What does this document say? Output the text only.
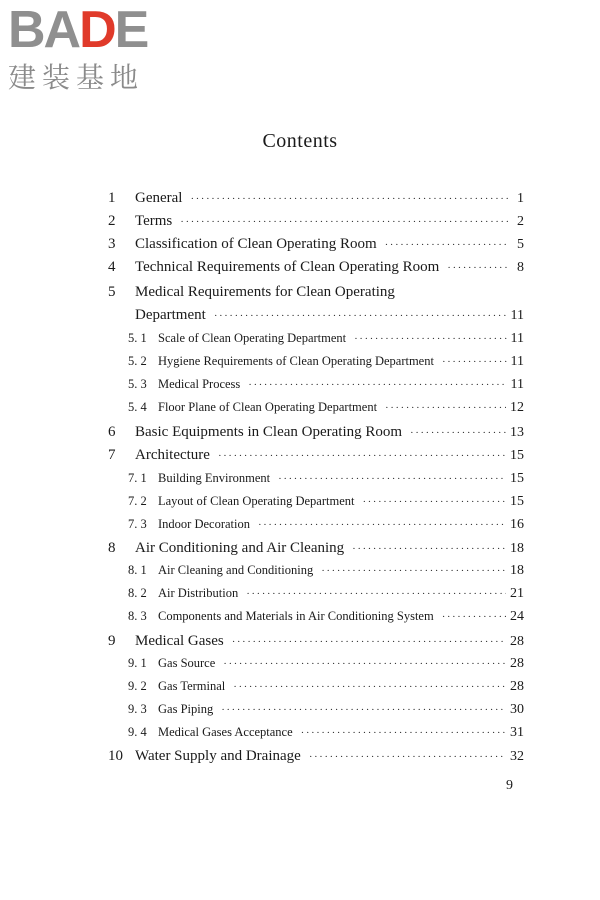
BADE
建装基地
Contents
1	General ·····	1
2	Terms ·····	2
3	Classification of Clean Operating Room ·····	5
4	Technical Requirements of Clean Operating Room ·····	8
5	Medical Requirements for Clean Operating
Department ·····	11
5. 1 Scale of Clean Operating Department ·····	11
5. 2 Hygiene Requirements of Clean Operating Department ·····	11
5. 3 Medical Process ·····	11
5. 4 Floor Plane of Clean Operating Department ·····	12
6	Basic Equipments in Clean Operating Room ·····	13
7	Architecture ·····	15
7. 1 Building Environment ·····	15
7. 2 Layout of Clean Operating Department ·····	15
7. 3 Indoor Decoration ·····	16
8	Air Conditioning and Air Cleaning ·····	18
8. 1 Air Cleaning and Conditioning ·····	18
8. 2 Air Distribution ·····	21
8. 3 Components and Materials in Air Conditioning System ·····	24
9	Medical Gases ·····	28
9. 1 Gas Source ·····	28
9. 2 Gas Terminal ·····	28
9. 3 Gas Piping ·····	30
9. 4 Medical Gases Acceptance ·····	31
10 Water Supply and Drainage ·····	32
9
